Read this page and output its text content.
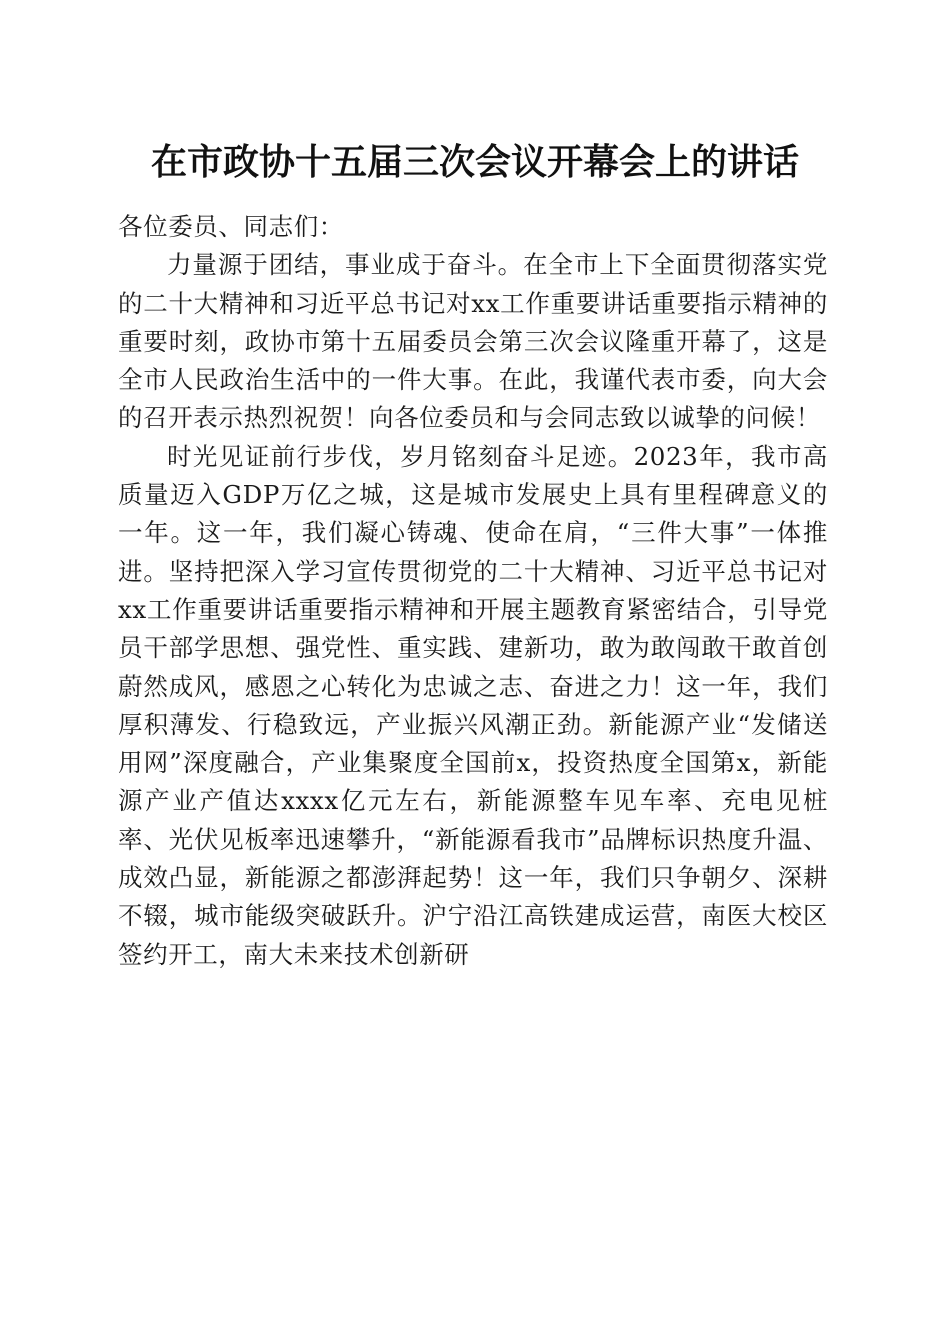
在市政协十五届三次会议开幕会上的讲话

各位委员、同志们：

力量源于团结，事业成于奋斗。在全市上下全面贯彻落实党的二十大精神和习近平总书记对xx工作重要讲话重要指示精神的重要时刻，政协市第十五届委员会第三次会议隆重开幕了，这是全市人民政治生活中的一件大事。在此，我谨代表市委，向大会的召开表示热烈祝贺！向各位委员和与会同志致以诚挚的问候！

时光见证前行步伐，岁月铭刻奋斗足迹。2023年，我市高质量迈入GDP万亿之城，这是城市发展史上具有里程碑意义的一年。这一年，我们凝心铸魂、使命在肩，“三件大事”一体推进。坚持把深入学习宣传贯彻党的二十大精神、习近平总书记对xx工作重要讲话重要指示精神和开展主题教育紧密结合，引导党员干部学思想、强党性、重实践、建新功，敢为敢闯敢干敢首创蔚然成风，感恩之心转化为忠诚之志、奋进之力！这一年，我们厚积薄发、行稳致远，产业振兴风潮正劲。新能源产业“发储送用网”深度融合，产业集聚度全国前x，投资热度全国第x，新能源产业产值达xxxx亿元左右，新能源整车见车率、充电见桩率、光伏见板率迅速攀升，“新能源看我市”品牌标识热度升温、成效凸显，新能源之都澎湃起势！这一年，我们只争朝夕、深耕不辍，城市能级突破跃升。沪宁沿江高铁建成运营，南医大校区签约开工，南大未来技术创新研
